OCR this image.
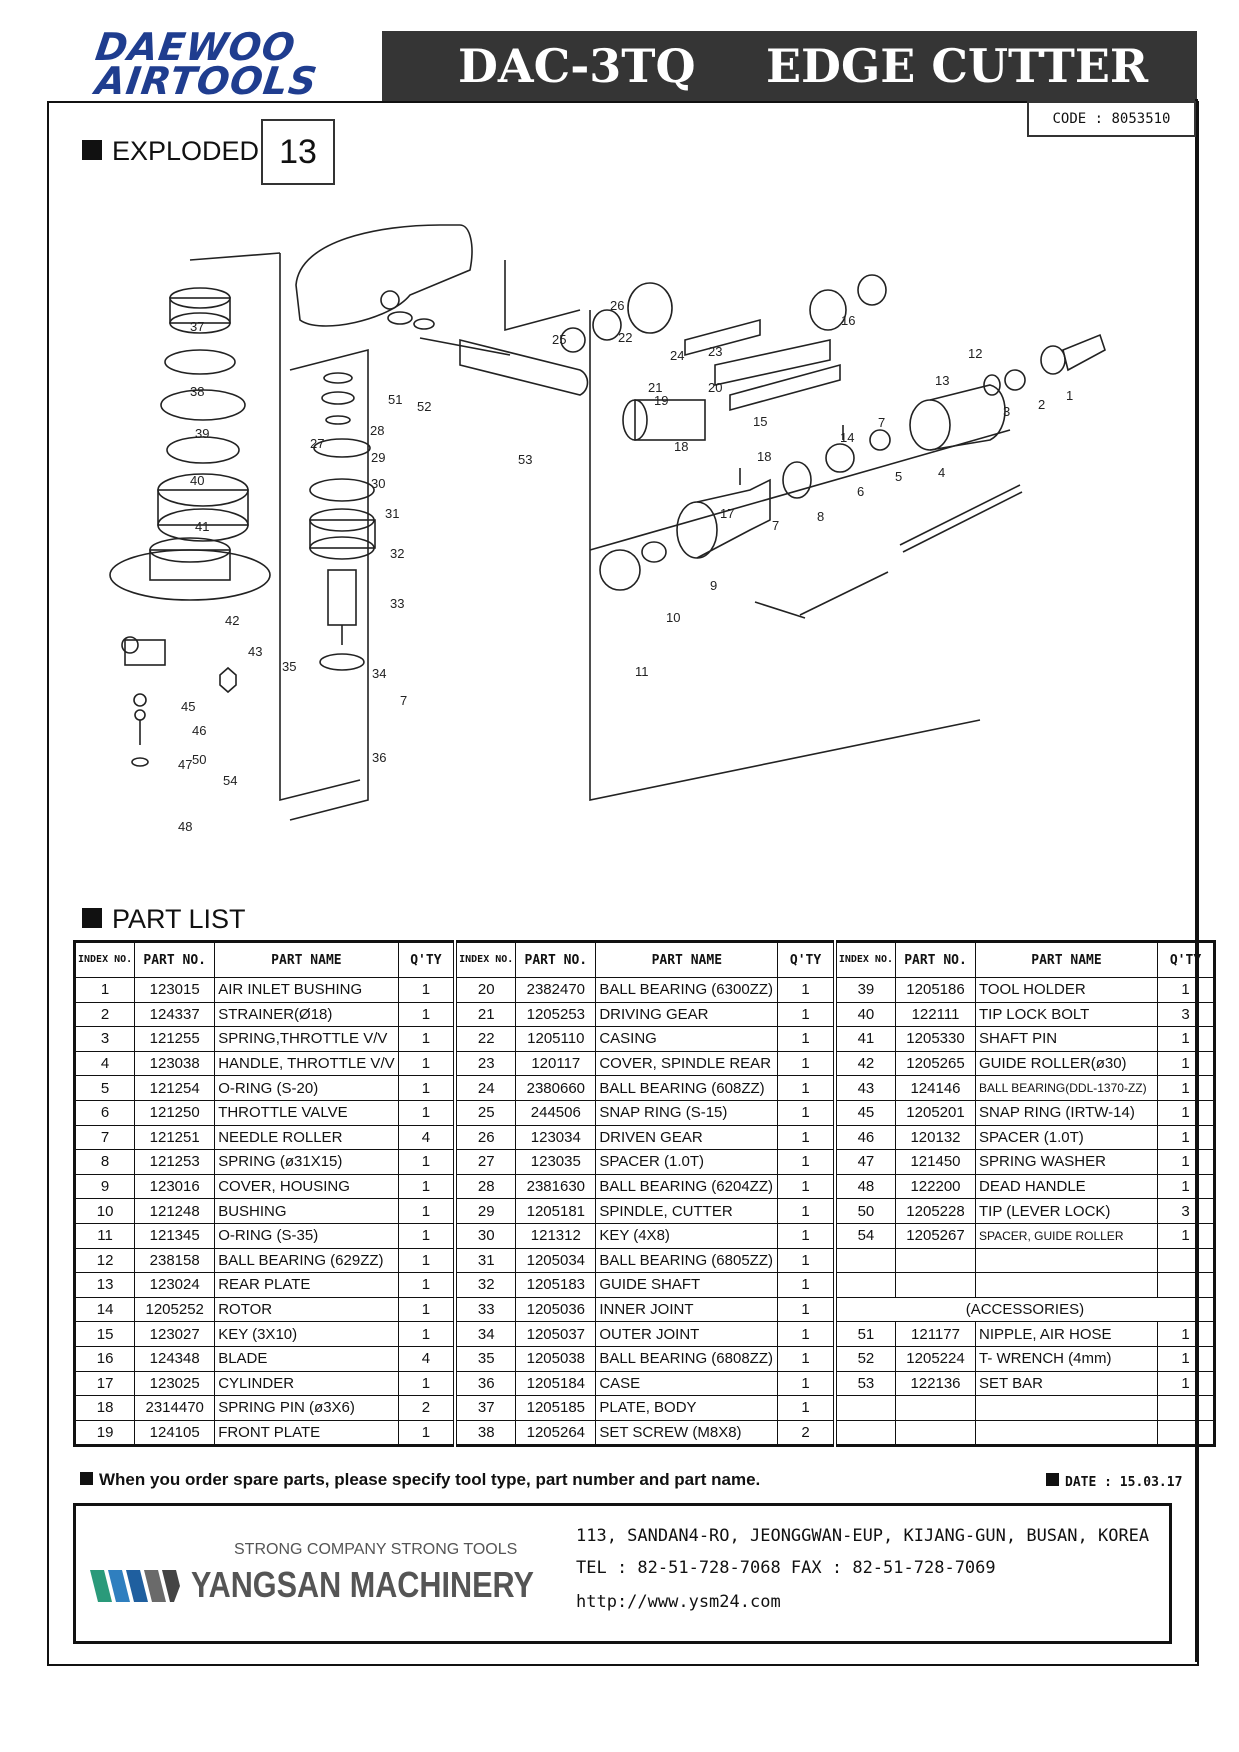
DAEWOO
AIRTOOLS	DAC-3TQ EDGE CUTTER
CODE : 8053510
EXPLODED 13
1
2
3
4
5
6
7
7
7
8
9
10
11
12
13
14
15
16
17
18
18
19
20
21
22
23
24
25
26
27
28
29
30
31
32
33
34
35
36
37
38
39
40
41
42
43
45
46
47
48
50
51 52
53
54
PART LIST
INDEX NO.	PART NO.	PART NAME	Q'TY	INDEX NO.	PART NO.	PART NAME	Q'TY	INDEX NO.	PART NO.	PART NAME	Q'TY
1	123015	AIR INLET BUSHING	1	20	2382470	BALL BEARING (6300ZZ)	1	39	1205186	TOOL HOLDER	1
2	124337	STRAINER(Ø18)	1	21	1205253	DRIVING GEAR	1	40	122111	TIP LOCK BOLT	3
3	121255	SPRING,THROTTLE V/V	1	22	1205110	CASING	1	41	1205330	SHAFT PIN	1
4	123038	HANDLE, THROTTLE V/V	1	23	120117	COVER, SPINDLE REAR	1	42	1205265	GUIDE ROLLER(ø30)	1
5	121254	O-RING (S-20)	1	24	2380660	BALL BEARING (608ZZ)	1	43	124146	BALL BEARING(DDL-1370-ZZ)	1
6	121250	THROTTLE VALVE	1	25	244506	SNAP RING (S-15)	1	45	1205201	SNAP RING (IRTW-14)	1
7	121251	NEEDLE ROLLER	4	26	123034	DRIVEN GEAR	1	46	120132	SPACER (1.0T)	1
8	121253	SPRING (ø31X15)	1	27	123035	SPACER (1.0T)	1	47	121450	SPRING WASHER	1
9	123016	COVER, HOUSING	1	28	2381630	BALL BEARING (6204ZZ)	1	48	122200	DEAD HANDLE	1
10	121248	BUSHING	1	29	1205181	SPINDLE, CUTTER	1	50	1205228	TIP (LEVER LOCK)	3
11	121345	O-RING (S-35)	1	30	121312	KEY (4X8)	1	54	1205267	SPACER, GUIDE ROLLER	1
12	238158	BALL BEARING (629ZZ)	1	31	1205034	BALL BEARING (6805ZZ)	1				
13	123024	REAR PLATE	1	32	1205183	GUIDE SHAFT	1				
14	1205252	ROTOR	1	33	1205036	INNER JOINT	1	(ACCESSORIES)			
15	123027	KEY (3X10)	1	34	1205037	OUTER JOINT	1	51	121177	NIPPLE, AIR HOSE	1
16	124348	BLADE	4	35	1205038	BALL BEARING (6808ZZ)	1	52	1205224	T- WRENCH (4mm)	1
17	123025	CYLINDER	1	36	1205184	CASE	1	53	122136	SET BAR	1
18	2314470	SPRING PIN (ø3X6)	2	37	1205185	PLATE, BODY	1				
19	124105	FRONT PLATE	1	38	1205264	SET SCREW (M8X8)	2				
When you order spare parts, please specify tool type, part number and part name.	DATE : 15.03.17
STRONG COMPANY STRONG TOOLS
YANGSAN MACHINERY
113, SANDAN4-RO, JEONGGWAN-EUP, KIJANG-GUN, BUSAN, KOREA
TEL : 82-51-728-7068 FAX : 82-51-728-7069
http://www.ysm24.com
